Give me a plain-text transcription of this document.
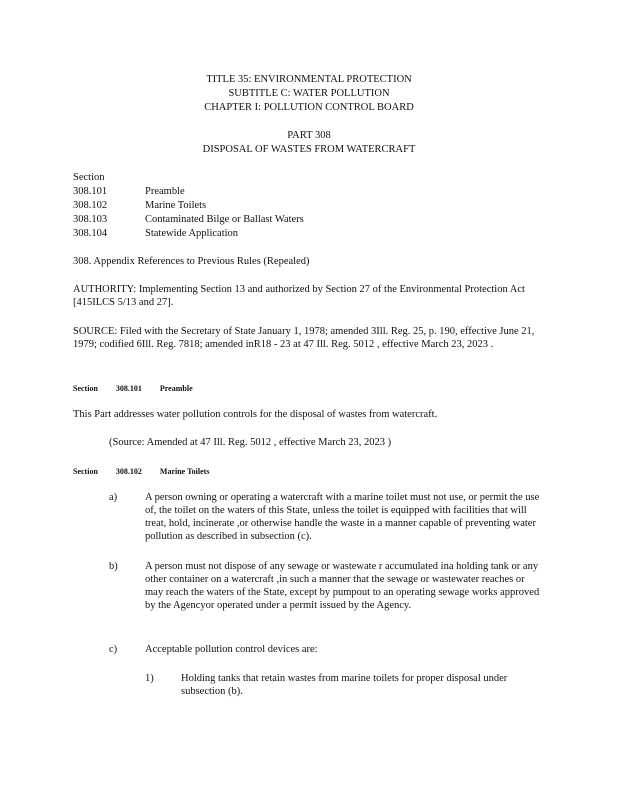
TITLE 35: ENVIRONMENTAL PROTECTION
SUBTITLE C: WATER POLLUTION
CHAPTER I: POLLUTION CONTROL BOARD
PART 308
DISPOSAL OF WASTES FROM WATERCRAFT
Section
308.101	Preamble
308.102	Marine Toilets
308.103	Contaminated Bilge or Ballast Waters
308.104	Statewide Application
308. Appendix References to Previous Rules (Repealed)
AUTHORITY: Implementing Section 13 and authorized by Section 27 of the Environmental Protection Act [415ILCS 5/13 and 27].
SOURCE: Filed with the Secretary of State January 1, 1978; amended 3Ill. Reg. 25, p. 190, effective June 21, 1979; codified 6Ill. Reg. 7818; amended inR18 - 23 at 47 Ill. Reg. 5012 , effective March 23, 2023 .
Section 308.101 Preamble
This Part addresses water pollution controls for the disposal of wastes from watercraft.
(Source: Amended at 47 Ill. Reg. 5012 , effective March 23, 2023 )
Section 308.102 Marine Toilets
a)	A person owning or operating a watercraft with a marine toilet must not use, or permit the use of, the toilet on the waters of this State, unless the toilet is equipped with facilities that will treat, hold, incinerate ,or otherwise handle the waste in a manner capable of preventing water pollution as described in subsection (c).
b)	A person must not dispose of any sewage or wastewate r accumulated ina holding tank or any other container on a watercraft ,in such a manner that the sewage or wastewater reaches or may reach the waters of the State, except by pumpout to an operating sewage works approved by the Agencyor operated under a permit issued by the Agency.
c)	Acceptable pollution control devices are:
1)	Holding tanks that retain wastes from marine toilets for proper disposal under subsection (b).
